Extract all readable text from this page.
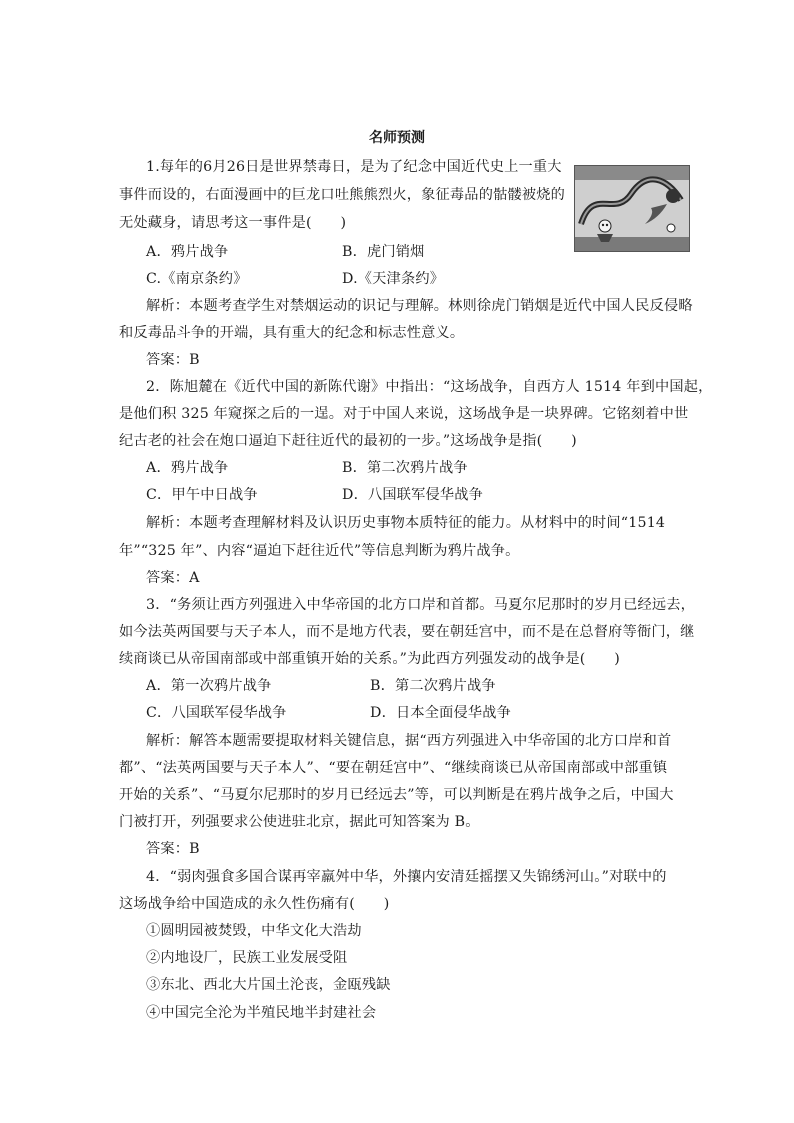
名师预测
1.每年的6月26日是世界禁毒日，是为了纪念中国近代史上一重大
事件而设的，右面漫画中的巨龙口吐熊熊烈火，象征毒品的骷髅被烧的
无处藏身，请思考这一事件是(　　)
A．鸦片战争	B．虎门销烟
C.《南京条约》	D.《天津条约》
解析：本题考查学生对禁烟运动的识记与理解。林则徐虎门销烟是近代中国人民反侵略
和反毒品斗争的开端，具有重大的纪念和标志性意义。
答案：B
2．陈旭麓在《近代中国的新陈代谢》中指出：“这场战争，自西方人 1514 年到中国起，
是他们积 325 年窥探之后的一逞。对于中国人来说，这场战争是一块界碑。它铭刻着中世
纪古老的社会在炮口逼迫下赶往近代的最初的一步。”这场战争是指(　　)
A．鸦片战争	B．第二次鸦片战争
C．甲午中日战争	D．八国联军侵华战争
解析：本题考查理解材料及认识历史事物本质特征的能力。从材料中的时间“1514
年”“325 年”、内容“逼迫下赶往近代”等信息判断为鸦片战争。
答案：A
3．“务须让西方列强进入中华帝国的北方口岸和首都。马夏尔尼那时的岁月已经远去，
如今法英两国要与天子本人，而不是地方代表，要在朝廷宫中，而不是在总督府等衙门，继
续商谈已从帝国南部或中部重镇开始的关系。”为此西方列强发动的战争是(　　)
A．第一次鸦片战争	B．第二次鸦片战争
C．八国联军侵华战争	D．日本全面侵华战争
解析：解答本题需要提取材料关键信息，据“西方列强进入中华帝国的北方口岸和首
都”、“法英两国要与天子本人”、“要在朝廷宫中”、“继续商谈已从帝国南部或中部重镇
开始的关系”、“马夏尔尼那时的岁月已经远去”等，可以判断是在鸦片战争之后，中国大
门被打开，列强要求公使进驻北京，据此可知答案为 B。
答案：B
4．“弱肉强食多国合谋再宰羸舛中华，外攘内安清廷摇摆又失锦绣河山。”对联中的
这场战争给中国造成的永久性伤痛有(　　)
①圆明园被焚毁，中华文化大浩劫
②内地设厂，民族工业发展受阻
③东北、西北大片国土沦丧，金瓯残缺
④中国完全沦为半殖民地半封建社会
